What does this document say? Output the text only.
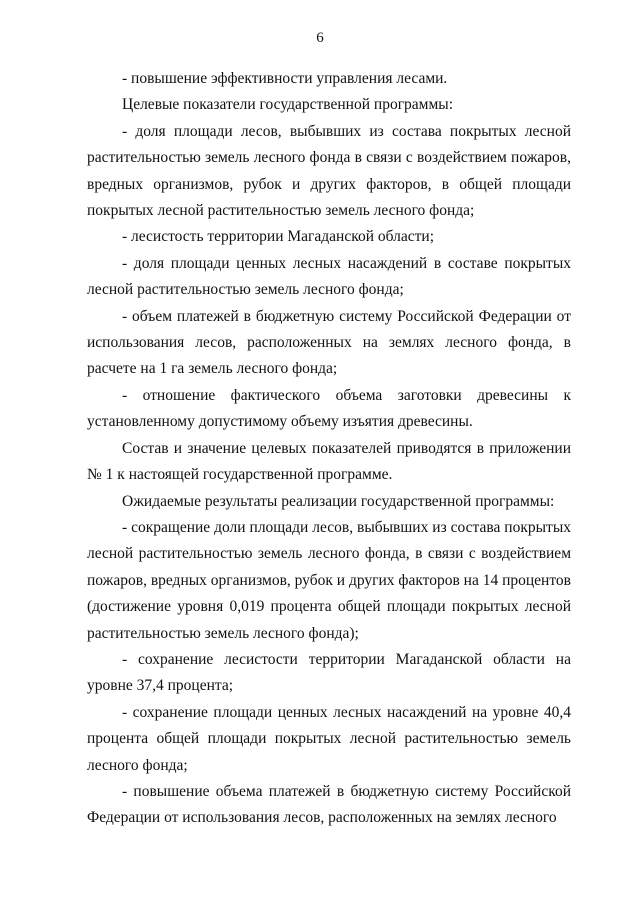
6

- повышение эффективности управления лесами.

Целевые показатели государственной программы:

- доля площади лесов, выбывших из состава покрытых лесной растительностью земель лесного фонда в связи с воздействием пожаров, вредных организмов, рубок и других факторов, в общей площади покрытых лесной растительностью земель лесного фонда;

- лесистость территории Магаданской области;

- доля площади ценных лесных насаждений в составе покрытых лесной растительностью земель лесного фонда;

- объем платежей в бюджетную систему Российской Федерации от использования лесов, расположенных на землях лесного фонда, в расчете на 1 га земель лесного фонда;

- отношение фактического объема заготовки древесины к установленному допустимому объему изъятия древесины.

Состав и значение целевых показателей приводятся в приложении № 1 к настоящей государственной программе.

Ожидаемые результаты реализации государственной программы:

- сокращение доли площади лесов, выбывших из состава покрытых лесной растительностью земель лесного фонда, в связи с воздействием пожаров, вредных организмов, рубок и других факторов на 14 процентов (достижение уровня 0,019 процента общей площади покрытых лесной растительностью земель лесного фонда);

- сохранение лесистости территории Магаданской области на уровне 37,4 процента;

- сохранение площади ценных лесных насаждений на уровне 40,4 процента общей площади покрытых лесной растительностью земель лесного фонда;

- повышение объема платежей в бюджетную систему Российской Федерации от использования лесов, расположенных на землях лесного
